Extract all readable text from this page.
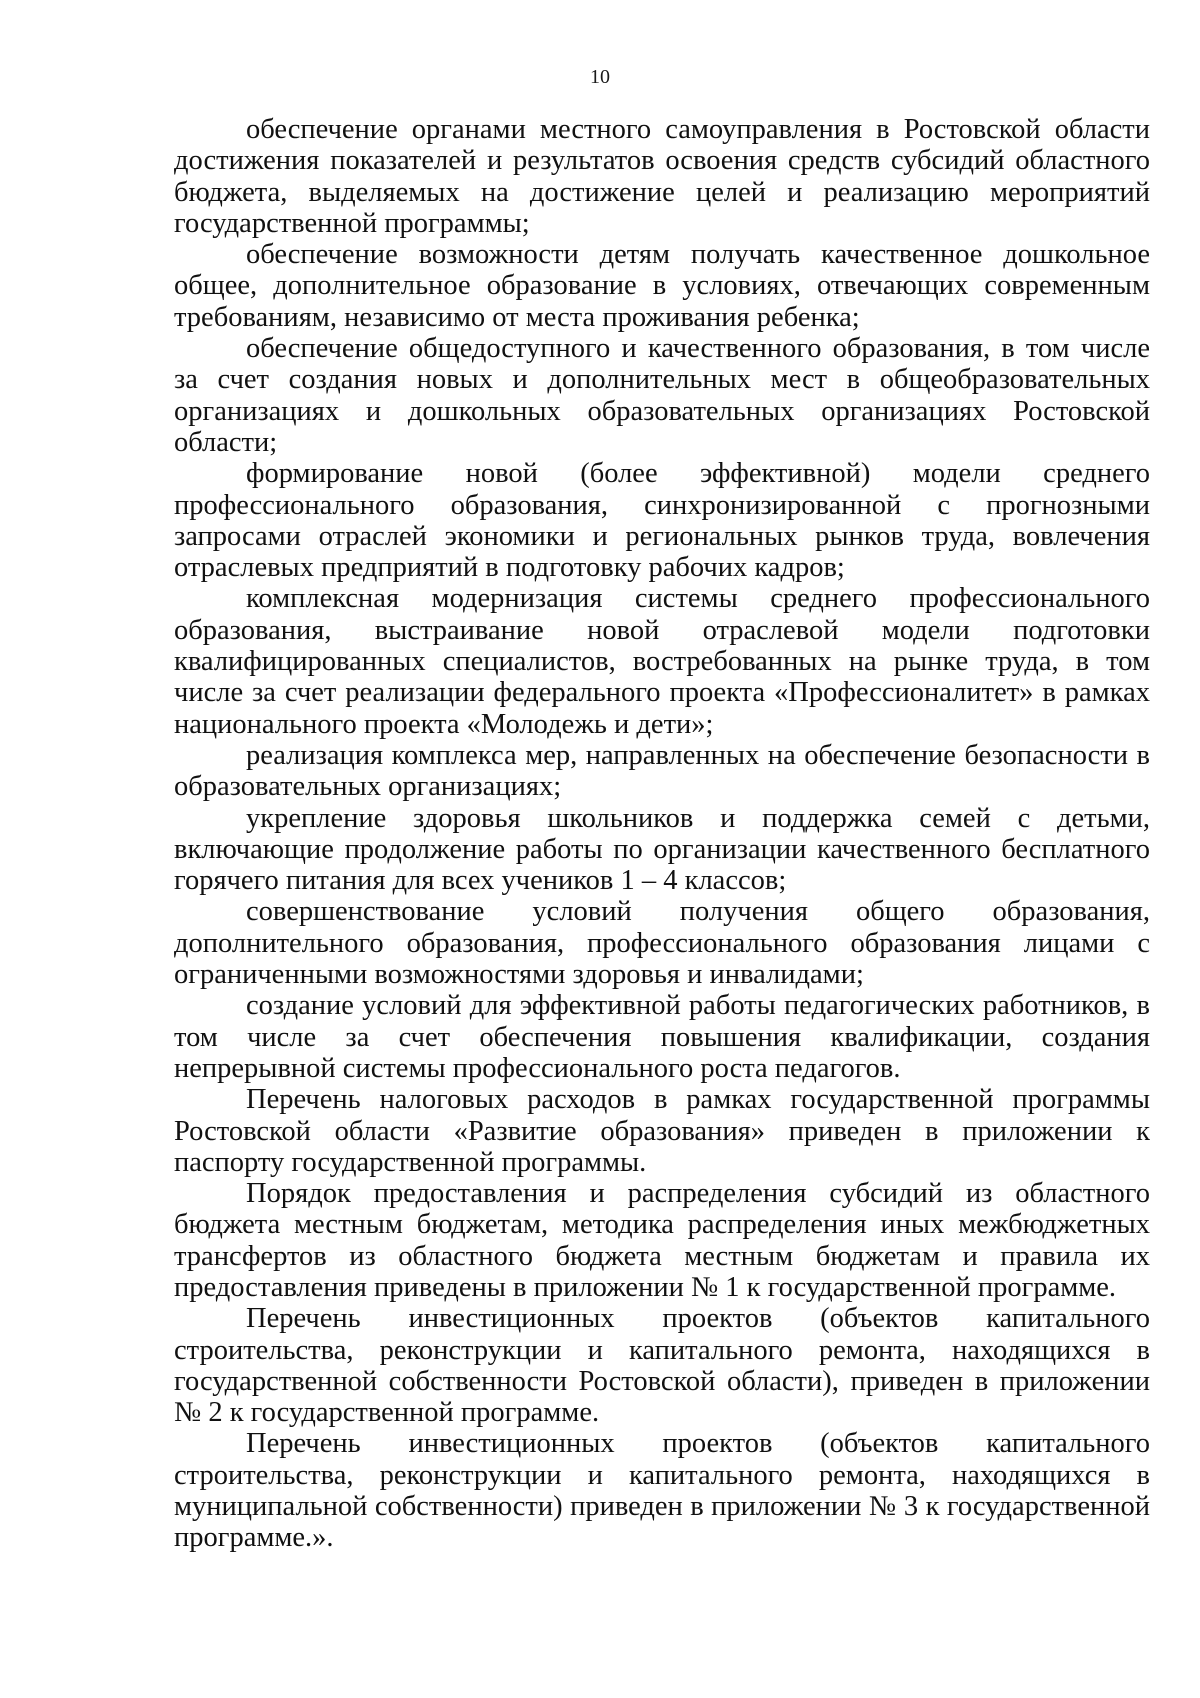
10

обеспечение органами местного самоуправления в Ростовской области достижения показателей и результатов освоения средств субсидий областного бюджета, выделяемых на достижение целей и реализацию мероприятий государственной программы;

обеспечение возможности детям получать качественное дошкольное общее, дополнительное образование в условиях, отвечающих современным требованиям, независимо от места проживания ребенка;

обеспечение общедоступного и качественного образования, в том числе за счет создания новых и дополнительных мест в общеобразовательных организациях и дошкольных образовательных организациях Ростовской области;

формирование новой (более эффективной) модели среднего профессионального образования, синхронизированной с прогнозными запросами отраслей экономики и региональных рынков труда, вовлечения отраслевых предприятий в подготовку рабочих кадров;

комплексная модернизация системы среднего профессионального образования, выстраивание новой отраслевой модели подготовки квалифицированных специалистов, востребованных на рынке труда, в том числе за счет реализации федерального проекта «Профессионалитет» в рамках национального проекта «Молодежь и дети»;

реализация комплекса мер, направленных на обеспечение безопасности в образовательных организациях;

укрепление здоровья школьников и поддержка семей с детьми, включающие продолжение работы по организации качественного бесплатного горячего питания для всех учеников 1 – 4 классов;

совершенствование условий получения общего образования, дополнительного образования, профессионального образования лицами с ограниченными возможностями здоровья и инвалидами;

создание условий для эффективной работы педагогических работников, в том числе за счет обеспечения повышения квалификации, создания непрерывной системы профессионального роста педагогов.

Перечень налоговых расходов в рамках государственной программы Ростовской области «Развитие образования» приведен в приложении к паспорту государственной программы.

Порядок предоставления и распределения субсидий из областного бюджета местным бюджетам, методика распределения иных межбюджетных трансфертов из областного бюджета местным бюджетам и правила их предоставления приведены в приложении № 1 к государственной программе.

Перечень инвестиционных проектов (объектов капитального строительства, реконструкции и капитального ремонта, находящихся в государственной собственности Ростовской области), приведен в приложении № 2 к государственной программе.

Перечень инвестиционных проектов (объектов капитального строительства, реконструкции и капитального ремонта, находящихся в муниципальной собственности) приведен в приложении № 3 к государственной программе.».
